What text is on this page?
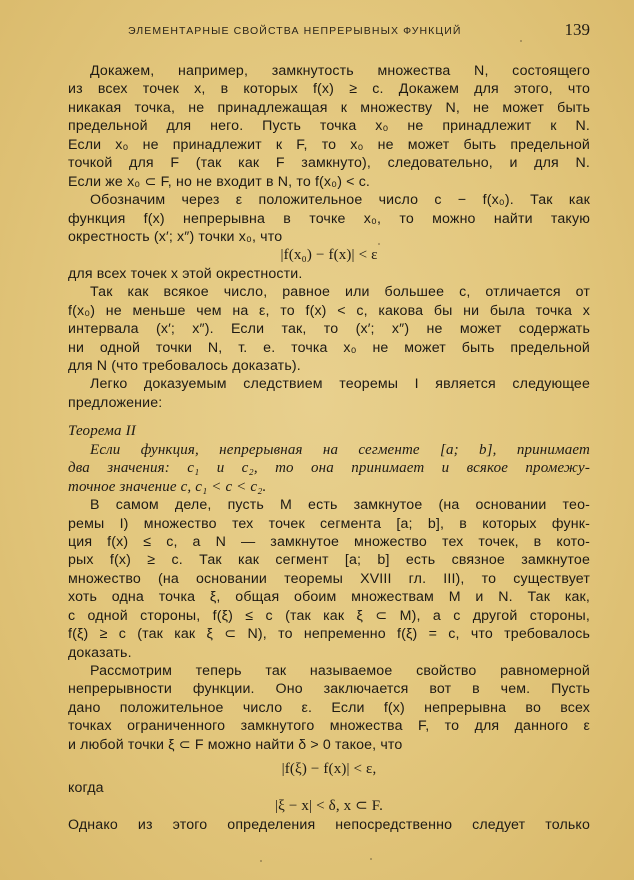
ЭЛЕМЕНТАРНЫЕ СВОЙСТВА НЕПРЕРЫВНЫХ ФУНКЦИЙ	139
Докажем, например, замкнутость множества N, состоящего
из всех точек x, в которых f(x) ≥ c. Докажем для этого, что
никакая точка, не принадлежащая к множеству N, не может быть
предельной для него. Пусть точка x₀ не принадлежит к N.
Если x₀ не принадлежит к F, то x₀ не может быть предельной
точкой для F (так как F замкнуто), следовательно, и для N.
Если же x₀ ⊂ F, но не входит в N, то f(x₀) < c.
Обозначим через ε положительное число c − f(x₀). Так как
функция f(x) непрерывна в точке x₀, то можно найти такую
окрестность (x′; x″) точки x₀, что
|f(x₀) − f(x)| < ε
для всех точек x этой окрестности.
Так как всякое число, равное или большее c, отличается от
f(x₀) не меньше чем на ε, то f(x) < c, какова бы ни была точка x
интервала (x′; x″). Если так, то (x′; x″) не может содержать
ни одной точки N, т. е. точка x₀ не может быть предельной
для N (что требовалось доказать).
Легко доказуемым следствием теоремы I является следующее
предложение:
Теорема II
Если функция, непрерывная на сегменте [a; b], принимает
два значения: c₁ и c₂, то она принимает и всякое промежу-
точное значение c, c₁ < c < c₂.
В самом деле, пусть M есть замкнутое (на основании тео-
ремы I) множество тех точек сегмента [a; b], в которых функ-
ция f(x) ≤ c, а N — замкнутое множество тех точек, в кото-
рых f(x) ≥ c. Так как сегмент [a; b] есть связное замкнутое
множество (на основании теоремы XVIII гл. III), то существует
хоть одна точка ξ, общая обоим множествам M и N. Так как,
с одной стороны, f(ξ) ≤ c (так как ξ ⊂ M), а с другой стороны,
f(ξ) ≥ c (так как ξ ⊂ N), то непременно f(ξ) = c, что требовалось
доказать.
Рассмотрим теперь так называемое свойство равномерной
непрерывности функции. Оно заключается вот в чем. Пусть
дано положительное число ε. Если f(x) непрерывна во всех
точках ограниченного замкнутого множества F, то для данного ε
и любой точки ξ ⊂ F можно найти δ > 0 такое, что
|f(ξ) − f(x)| < ε,
когда
|ξ − x| < δ, x ⊂ F.
Однако из этого определения непосредственно следует только
